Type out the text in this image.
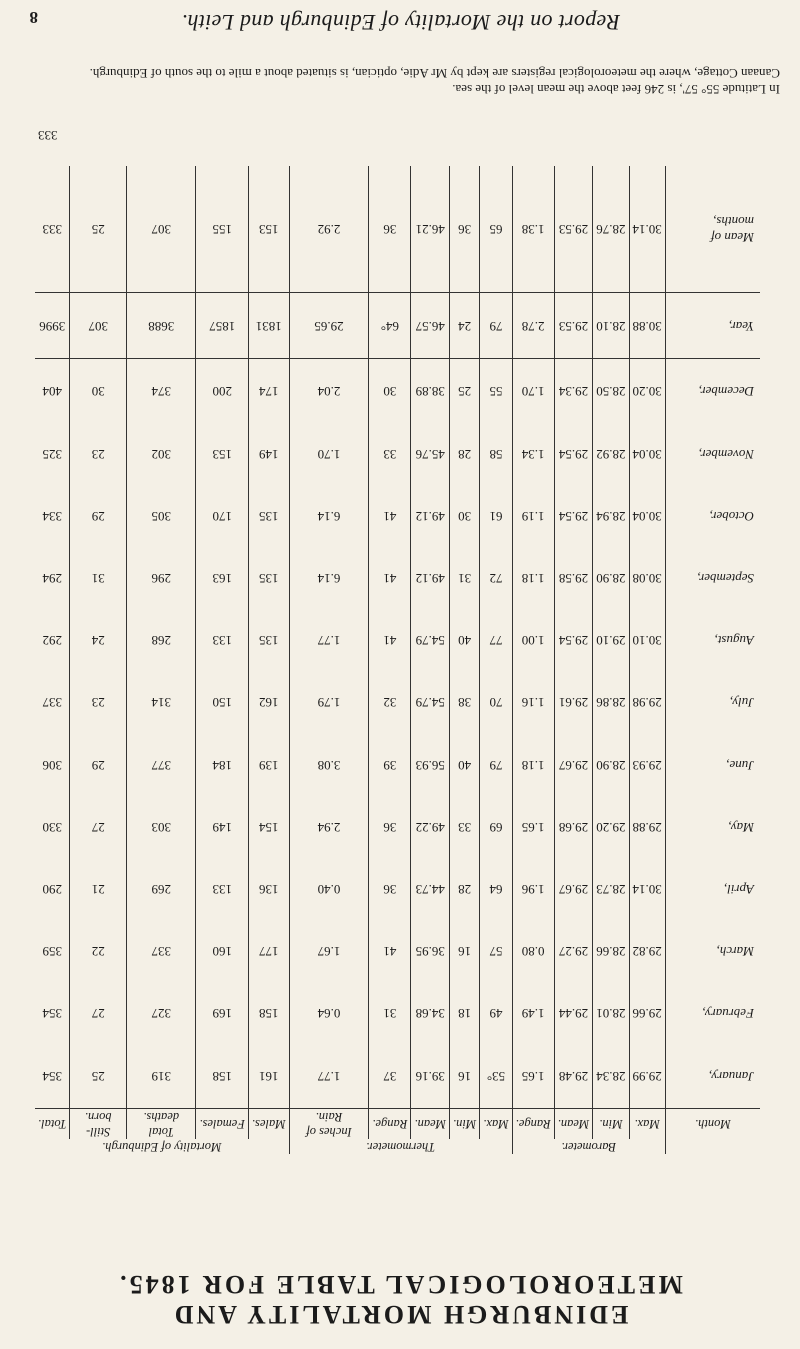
8	Report on the Mortality of Edinburgh and Leith.
In Latitude 55° 57', is 246 feet above the mean level of the sea.
Canaan Cottage, where the meteorological registers are kept by Mr Adie, optician, is situated about a mile to the south of Edinburgh.
	Barometer.				Thermometer.					Mortality of Edinburgh.				
Month.	Max.	Min.	Mean.	Range.	Max.	Min.	Mean.	Range.	Inches of Rain.	Males.	Females.	Total deaths.	Still-born.	Total.
January,	29.99	28.34	29.48	1.65	53°	16	39.16	37	1.77	161	158	319	25	354
February,	29.66	28.01	29.44	1.49	49	18	34.68	31	0.64	158	169	327	27	354
March,	29.82	28.66	29.27	0.80	57	16	36.95	41	1.67	177	160	337	22	359
April,	30.14	28.73	29.67	1.96	64	28	44.73	36	0.40	136	133	269	21	290
May,	29.88	29.20	29.68	1.65	69	33	49.22	36	2.94	154	149	303	27	330
June,	29.93	28.90	29.67	1.18	79	40	56.93	39	3.08	139	184	377	29	306
July,	29.98	28.86	29.61	1.16	70	38	54.79	32	1.79	162	150	314	23	337
August,	30.10	29.10	29.54	1.00	77	40	54.79	41	1.77	135	133	268	24	292
September,	30.08	28.90	29.58	1.18	72	31	49.12	41	6.14	135	163	296	31	294
October,	30.04	28.94	29.54	1.19	61	30	49.12	41	6.14	135	170	305	29	334
November,	30.04	28.92	29.54	1.34	58	28	45.76	33	1.70	149	153	302	23	325
December,	30.20	28.50	29.34	1.70	55	25	38.89	30	2.04	174	200	374	30	404
Year,	30.88	28.10	29.53	2.78	79	24	46.57	64°	29.65	1831	1857	3688	307	3996
Mean of months,	30.14	28.76	29.53	1.38	65	36	46.21	36	2.92	153	155	307	25	333
333														
EDINBURGH MORTALITY AND METEOROLOGICAL TABLE FOR 1845.
